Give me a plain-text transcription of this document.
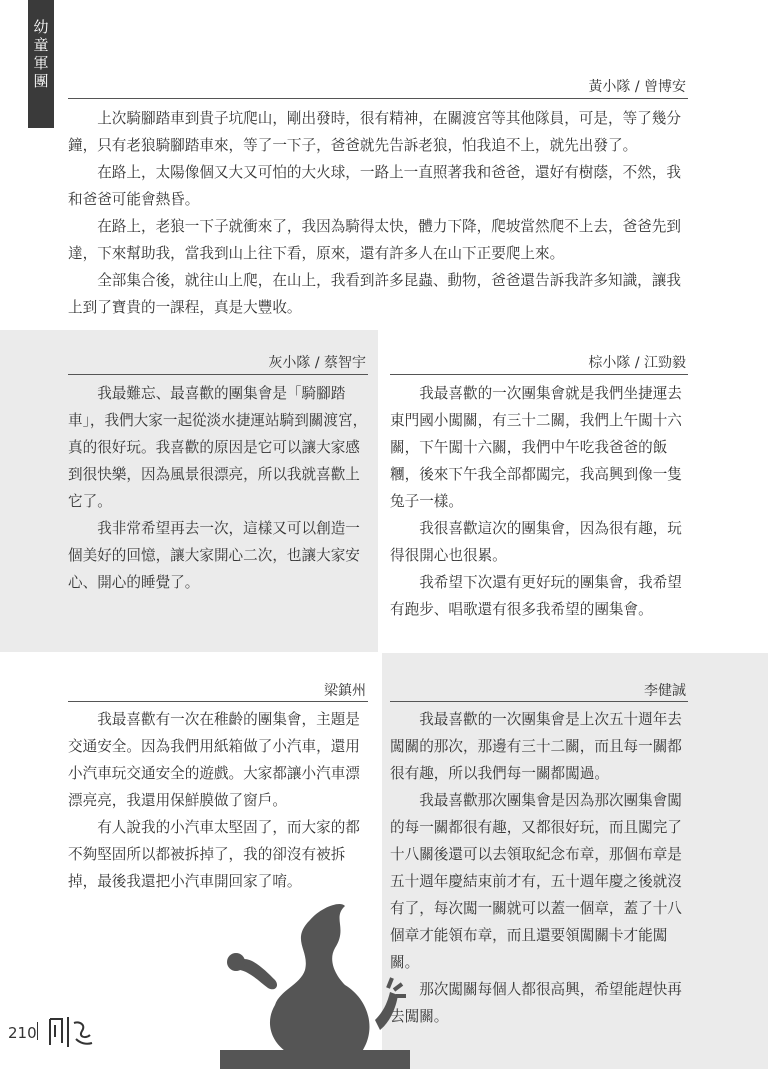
幼
童
軍
團	黃小隊 / 曾博安

上次騎腳踏車到貴子坑爬山，剛出發時，很有精神，在關渡宮等其他隊員，可是，等了幾分鐘，只有老狼騎腳踏車來，等了一下子，爸爸就先告訴老狼，怕我追不上，就先出發了。

在路上，太陽像個又大又可怕的大火球，一路上一直照著我和爸爸，還好有樹蔭，不然，我和爸爸可能會熱昏。

在路上，老狼一下子就衝來了，我因為騎得太快，體力下降，爬坡當然爬不上去，爸爸先到達，下來幫助我，當我到山上往下看，原來，還有許多人在山下正要爬上來。

全部集合後，就往山上爬，在山上，我看到許多昆蟲、動物，爸爸還告訴我許多知識，讓我上到了寶貴的一課程，真是大豐收。

灰小隊 / 蔡智宇

我最難忘、最喜歡的團集會是「騎腳踏車」，我們大家一起從淡水捷運站騎到關渡宮，真的很好玩。我喜歡的原因是它可以讓大家感到很快樂，因為風景很漂亮，所以我就喜歡上它了。

我非常希望再去一次，這樣又可以創造一個美好的回憶，讓大家開心二次，也讓大家安心、開心的睡覺了。

棕小隊 / 江勁毅

我最喜歡的一次團集會就是我們坐捷運去東門國小闖關，有三十二關，我們上午闖十六關，下午闖十六關，我們中午吃我爸爸的飯糰，後來下午我全部都闖完，我高興到像一隻兔子一樣。

我很喜歡這次的團集會，因為很有趣，玩得很開心也很累。

我希望下次還有更好玩的團集會，我希望有跑步、唱歌還有很多我希望的團集會。

梁鎮州

我最喜歡有一次在稚齡的團集會，主題是交通安全。因為我們用紙箱做了小汽車，還用小汽車玩交通安全的遊戲。大家都讓小汽車漂漂亮亮，我還用保鮮膜做了窗戶。

有人說我的小汽車太堅固了，而大家的都不夠堅固所以都被拆掉了，我的卻沒有被拆掉，最後我還把小汽車開回家了唷。

李健誠

我最喜歡的一次團集會是上次五十週年去闖關的那次，那邊有三十二關，而且每一關都很有趣，所以我們每一關都闖過。

我最喜歡那次團集會是因為那次團集會闖的每一關都很有趣，又都很好玩，而且闖完了十八關後還可以去領取紀念布章，那個布章是五十週年慶結束前才有，五十週年慶之後就沒有了，每次闖一關就可以蓋一個章，蓋了十八個章才能領布章，而且還要領闖關卡才能闖關。

那次闖關每個人都很高興，希望能趕快再去闖關。

210
